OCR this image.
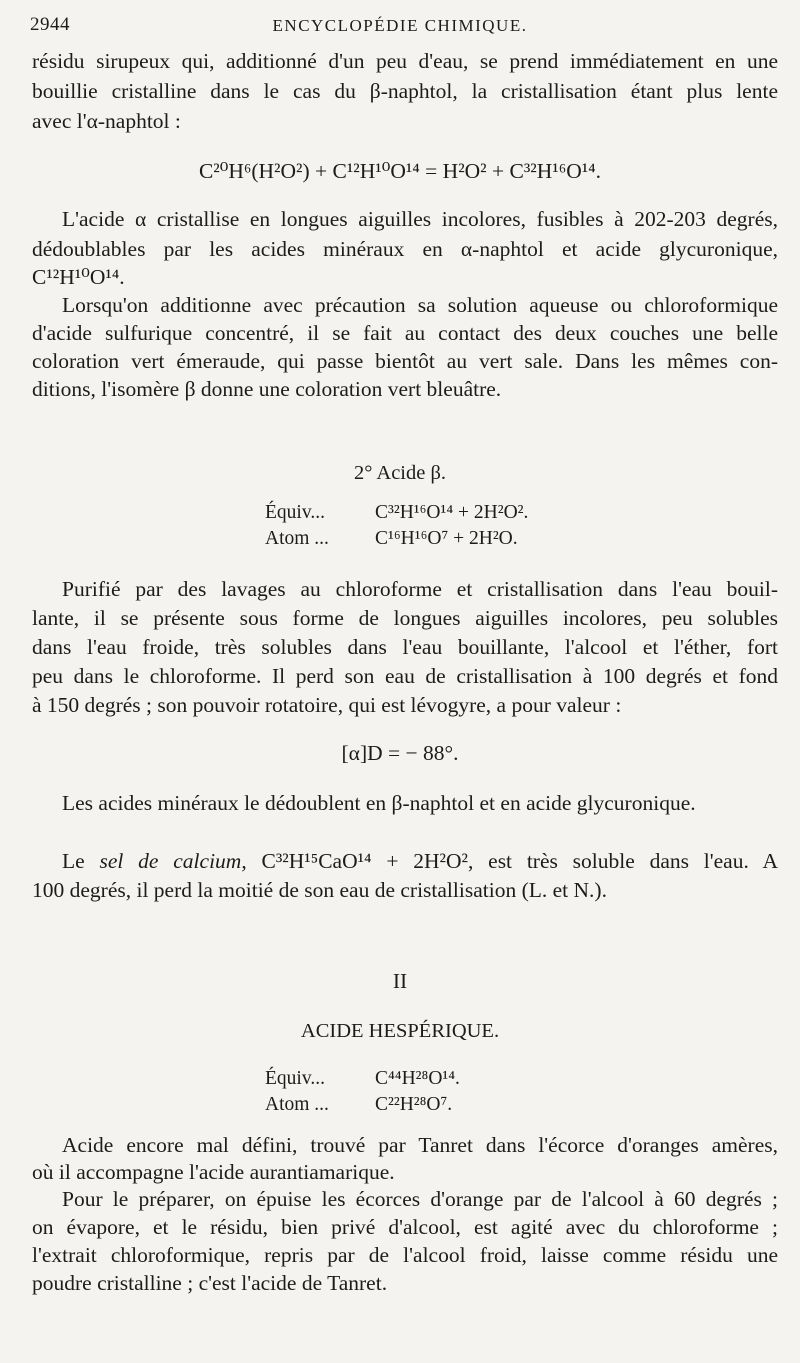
2944	ENCYCLOPÉDIE CHIMIQUE.
résidu sirupeux qui, additionné d'un peu d'eau, se prend immédiatement en une
bouillie cristalline dans le cas du β-naphtol, la cristallisation étant plus lente
avec l'α-naphtol :
C²⁰H⁶(H²O²) + C¹²H¹⁰O¹⁴ = H²O² + C³²H¹⁶O¹⁴.
L'acide α cristallise en longues aiguilles incolores, fusibles à 202-203 degrés,
dédoublables par les acides minéraux en α-naphtol et acide glycuronique,
C¹²H¹⁰O¹⁴.
Lorsqu'on additionne avec précaution sa solution aqueuse ou chloroformique
d'acide sulfurique concentré, il se fait au contact des deux couches une belle
coloration vert émeraude, qui passe bientôt au vert sale. Dans les mêmes con-
ditions, l'isomère β donne une coloration vert bleuâtre.
2° Acide β.
Équiv...	C³²H¹⁶O¹⁴ + 2H²O².
Atom ...	C¹⁶H¹⁶O⁷ + 2H²O.
Purifié par des lavages au chloroforme et cristallisation dans l'eau bouil-
lante, il se présente sous forme de longues aiguilles incolores, peu solubles
dans l'eau froide, très solubles dans l'eau bouillante, l'alcool et l'éther, fort
peu dans le chloroforme. Il perd son eau de cristallisation à 100 degrés et fond
à 150 degrés ; son pouvoir rotatoire, qui est lévogyre, a pour valeur :
[α]D = − 88°.
Les acides minéraux le dédoublent en β-naphtol et en acide glycuronique.
Le sel de calcium, C³²H¹⁵CaO¹⁴ + 2H²O², est très soluble dans l'eau. A
100 degrés, il perd la moitié de son eau de cristallisation (L. et N.).
II
ACIDE HESPÉRIQUE.
Équiv...	C⁴⁴H²⁸O¹⁴.
Atom ...	C²²H²⁸O⁷.
Acide encore mal défini, trouvé par Tanret dans l'écorce d'oranges amères,
où il accompagne l'acide aurantiamarique.
Pour le préparer, on épuise les écorces d'orange par de l'alcool à 60 degrés ;
on évapore, et le résidu, bien privé d'alcool, est agité avec du chloroforme ;
l'extrait chloroformique, repris par de l'alcool froid, laisse comme résidu une
poudre cristalline ; c'est l'acide de Tanret.
